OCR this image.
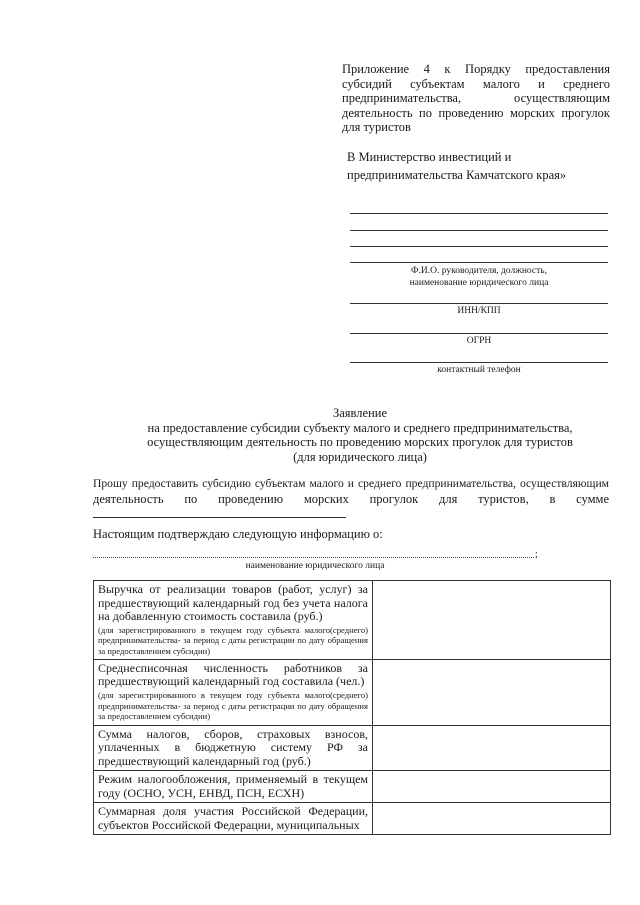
Приложение 4 к Порядку предоставления
субсидий субъектам малого и среднего
предпринимательства, осуществляющим
деятельность по проведению морских прогулок
для туристов
В Министерство инвестиций и
предпринимательства Камчатского края»
Ф.И.О. руководителя, должность,
наименование юридического лица
ИНН/КПП
ОГРН
контактный телефон
Заявление
на предоставление субсидии субъекту малого и среднего предпринимательства,
осуществляющим деятельность по проведению морских прогулок для туристов
(для юридического лица)
Прошу предоставить субсидию субъектам малого и среднего предпринимательства, осуществляющим
деятельность по проведению морских прогулок для туристов, в сумме
Настоящим подтверждаю следующую информацию о:
;
наименование юридического лица
Выручка от реализации товаров (работ, услуг) за предшествующий календарный год без учета налога на добавленную стоимость составила (руб.)
(для зарегистрированного в текущем году субъекта малого(среднего) предпринимательства- за период с даты регистрации по дату обращения за предоставлением субсидии)	

Среднесписочная численность работников за предшествующий календарный год составила (чел.)
(для зарегистрированного в текущем году субъекта малого(среднего) предпринимательства- за период с даты регистрации по дату обращения за предоставлением субсидии)	

Сумма налогов, сборов, страховых взносов, уплаченных в бюджетную систему РФ за предшествующий календарный год (руб.)	

Режим налогообложения, применяемый в текущем году (ОСНО, УСН, ЕНВД, ПСН, ЕСХН)	

Суммарная доля участия Российской Федерации, субъектов Российской Федерации, муниципальных	
